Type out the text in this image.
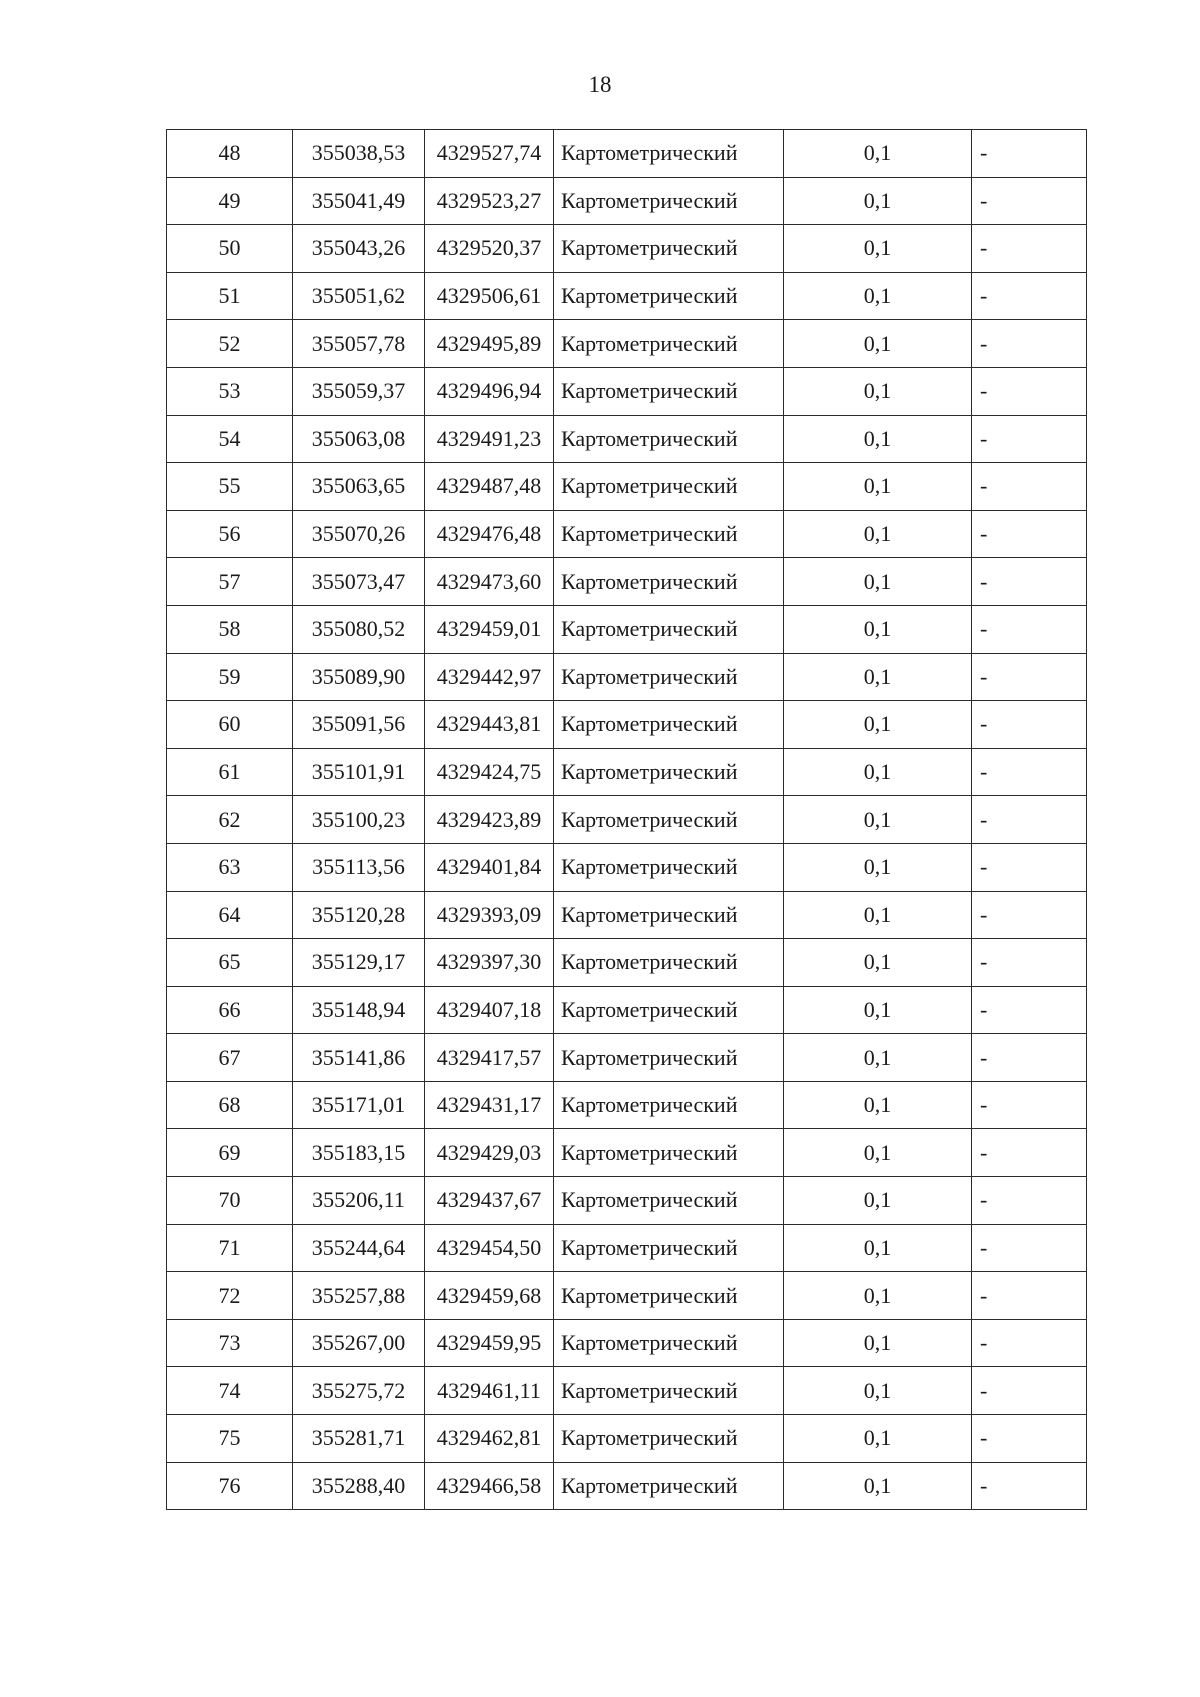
18
48	355038,53	4329527,74	Картометрический	0,1	-
49	355041,49	4329523,27	Картометрический	0,1	-
50	355043,26	4329520,37	Картометрический	0,1	-
51	355051,62	4329506,61	Картометрический	0,1	-
52	355057,78	4329495,89	Картометрический	0,1	-
53	355059,37	4329496,94	Картометрический	0,1	-
54	355063,08	4329491,23	Картометрический	0,1	-
55	355063,65	4329487,48	Картометрический	0,1	-
56	355070,26	4329476,48	Картометрический	0,1	-
57	355073,47	4329473,60	Картометрический	0,1	-
58	355080,52	4329459,01	Картометрический	0,1	-
59	355089,90	4329442,97	Картометрический	0,1	-
60	355091,56	4329443,81	Картометрический	0,1	-
61	355101,91	4329424,75	Картометрический	0,1	-
62	355100,23	4329423,89	Картометрический	0,1	-
63	355113,56	4329401,84	Картометрический	0,1	-
64	355120,28	4329393,09	Картометрический	0,1	-
65	355129,17	4329397,30	Картометрический	0,1	-
66	355148,94	4329407,18	Картометрический	0,1	-
67	355141,86	4329417,57	Картометрический	0,1	-
68	355171,01	4329431,17	Картометрический	0,1	-
69	355183,15	4329429,03	Картометрический	0,1	-
70	355206,11	4329437,67	Картометрический	0,1	-
71	355244,64	4329454,50	Картометрический	0,1	-
72	355257,88	4329459,68	Картометрический	0,1	-
73	355267,00	4329459,95	Картометрический	0,1	-
74	355275,72	4329461,11	Картометрический	0,1	-
75	355281,71	4329462,81	Картометрический	0,1	-
76	355288,40	4329466,58	Картометрический	0,1	-
